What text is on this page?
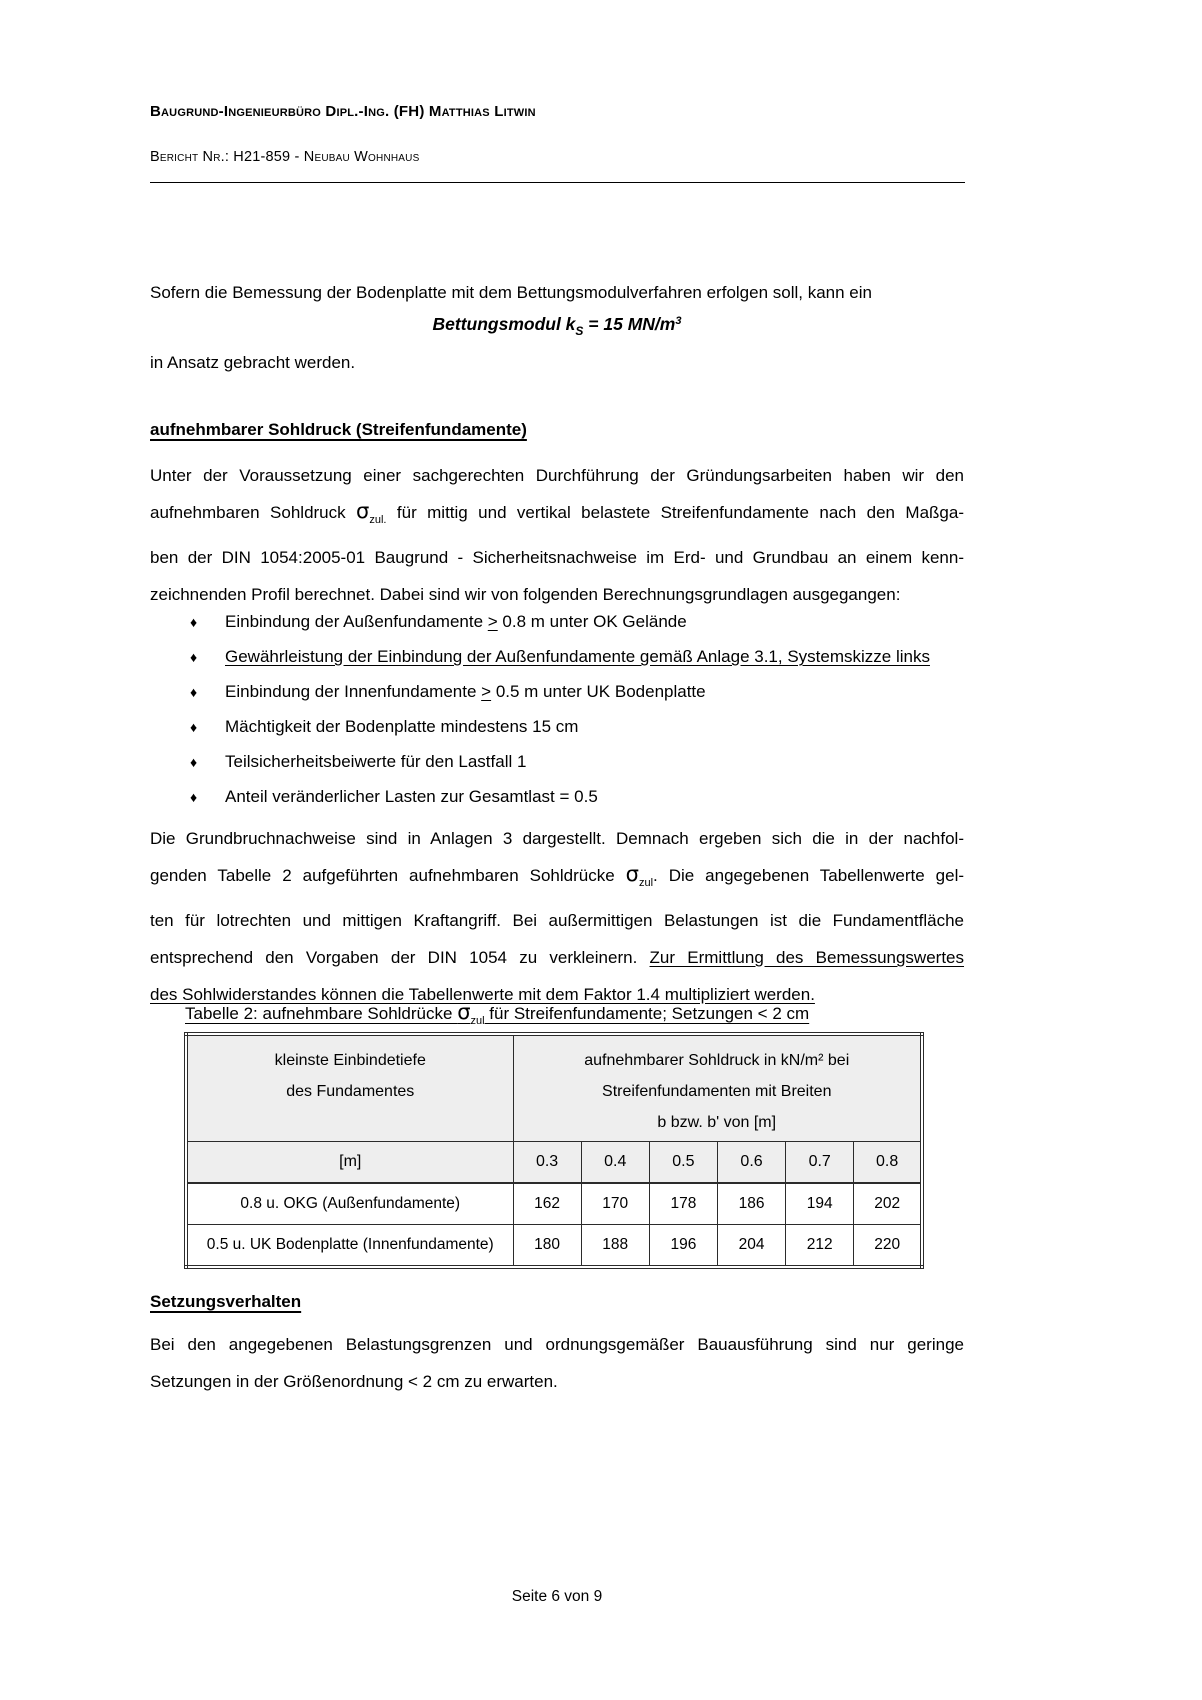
Baugrund-Ingenieurbüro Dipl.-Ing. (FH) Matthias Litwin
Bericht Nr.: H21-859 - Neubau Wohnhaus
Sofern die Bemessung der Bodenplatte mit dem Bettungsmodulverfahren erfolgen soll, kann ein
Bettungsmodul $k_S = 15$ $MN/m^3$
in Ansatz gebracht werden.
aufnehmbarer Sohldruck (Streifenfundamente)
Unter der Voraussetzung einer sachgerechten Durchführung der Gründungsarbeiten haben wir den
aufnehmbaren Sohldruck $\sigma_{zul.}$ für mittig und vertikal belastete Streifenfundamente nach den Maßga-
ben der DIN 1054:2005-01 Baugrund - Sicherheitsnachweise im Erd- und Grundbau an einem kenn-
zeichnenden Profil berechnet. Dabei sind wir von folgenden Berechnungsgrundlagen ausgegangen:
♦	Einbindung der Außenfundamente > 0.8 m unter OK Gelände
♦	Gewährleistung der Einbindung der Außenfundamente gemäß Anlage 3.1, Systemskizze links
♦	Einbindung der Innenfundamente > 0.5 m unter UK Bodenplatte
♦	Mächtigkeit der Bodenplatte mindestens 15 cm
♦	Teilsicherheitsbeiwerte für den Lastfall 1
♦	Anteil veränderlicher Lasten zur Gesamtlast = 0.5
Die Grundbruchnachweise sind in Anlagen 3 dargestellt. Demnach ergeben sich die in der nachfol-
genden Tabelle 2 aufgeführten aufnehmbaren Sohldrücke $\sigma_{zul}$. Die angegebenen Tabellenwerte gel-
ten für lotrechten und mittigen Kraftangriff. Bei außermittigen Belastungen ist die Fundamentfläche
entsprechend den Vorgaben der DIN 1054 zu verkleinern. Zur Ermittlung des Bemessungswertes
des Sohlwiderstandes können die Tabellenwerte mit dem Faktor 1.4 multipliziert werden.
Tabelle 2: aufnehmbare Sohldrücke $\sigma_{zul}$ für Streifenfundamente; Setzungen < 2 cm
kleinste Einbindetiefe
des Fundamentes

aufnehmbarer Sohldruck in kN/m² bei
Streifenfundamenten mit Breiten
b bzw. b' von [m]

[m]	0.3	0.4	0.5	0.6	0.7	0.8
0.8 u. OKG (Außenfundamente)	162	170	178	186	194	202
0.5 u. UK Bodenplatte (Innenfundamente)	180	188	196	204	212	220
Setzungsverhalten
Bei den angegebenen Belastungsgrenzen und ordnungsgemäßer Bauausführung sind nur geringe
Setzungen in der Größenordnung < 2 cm zu erwarten.
Seite 6 von 9
